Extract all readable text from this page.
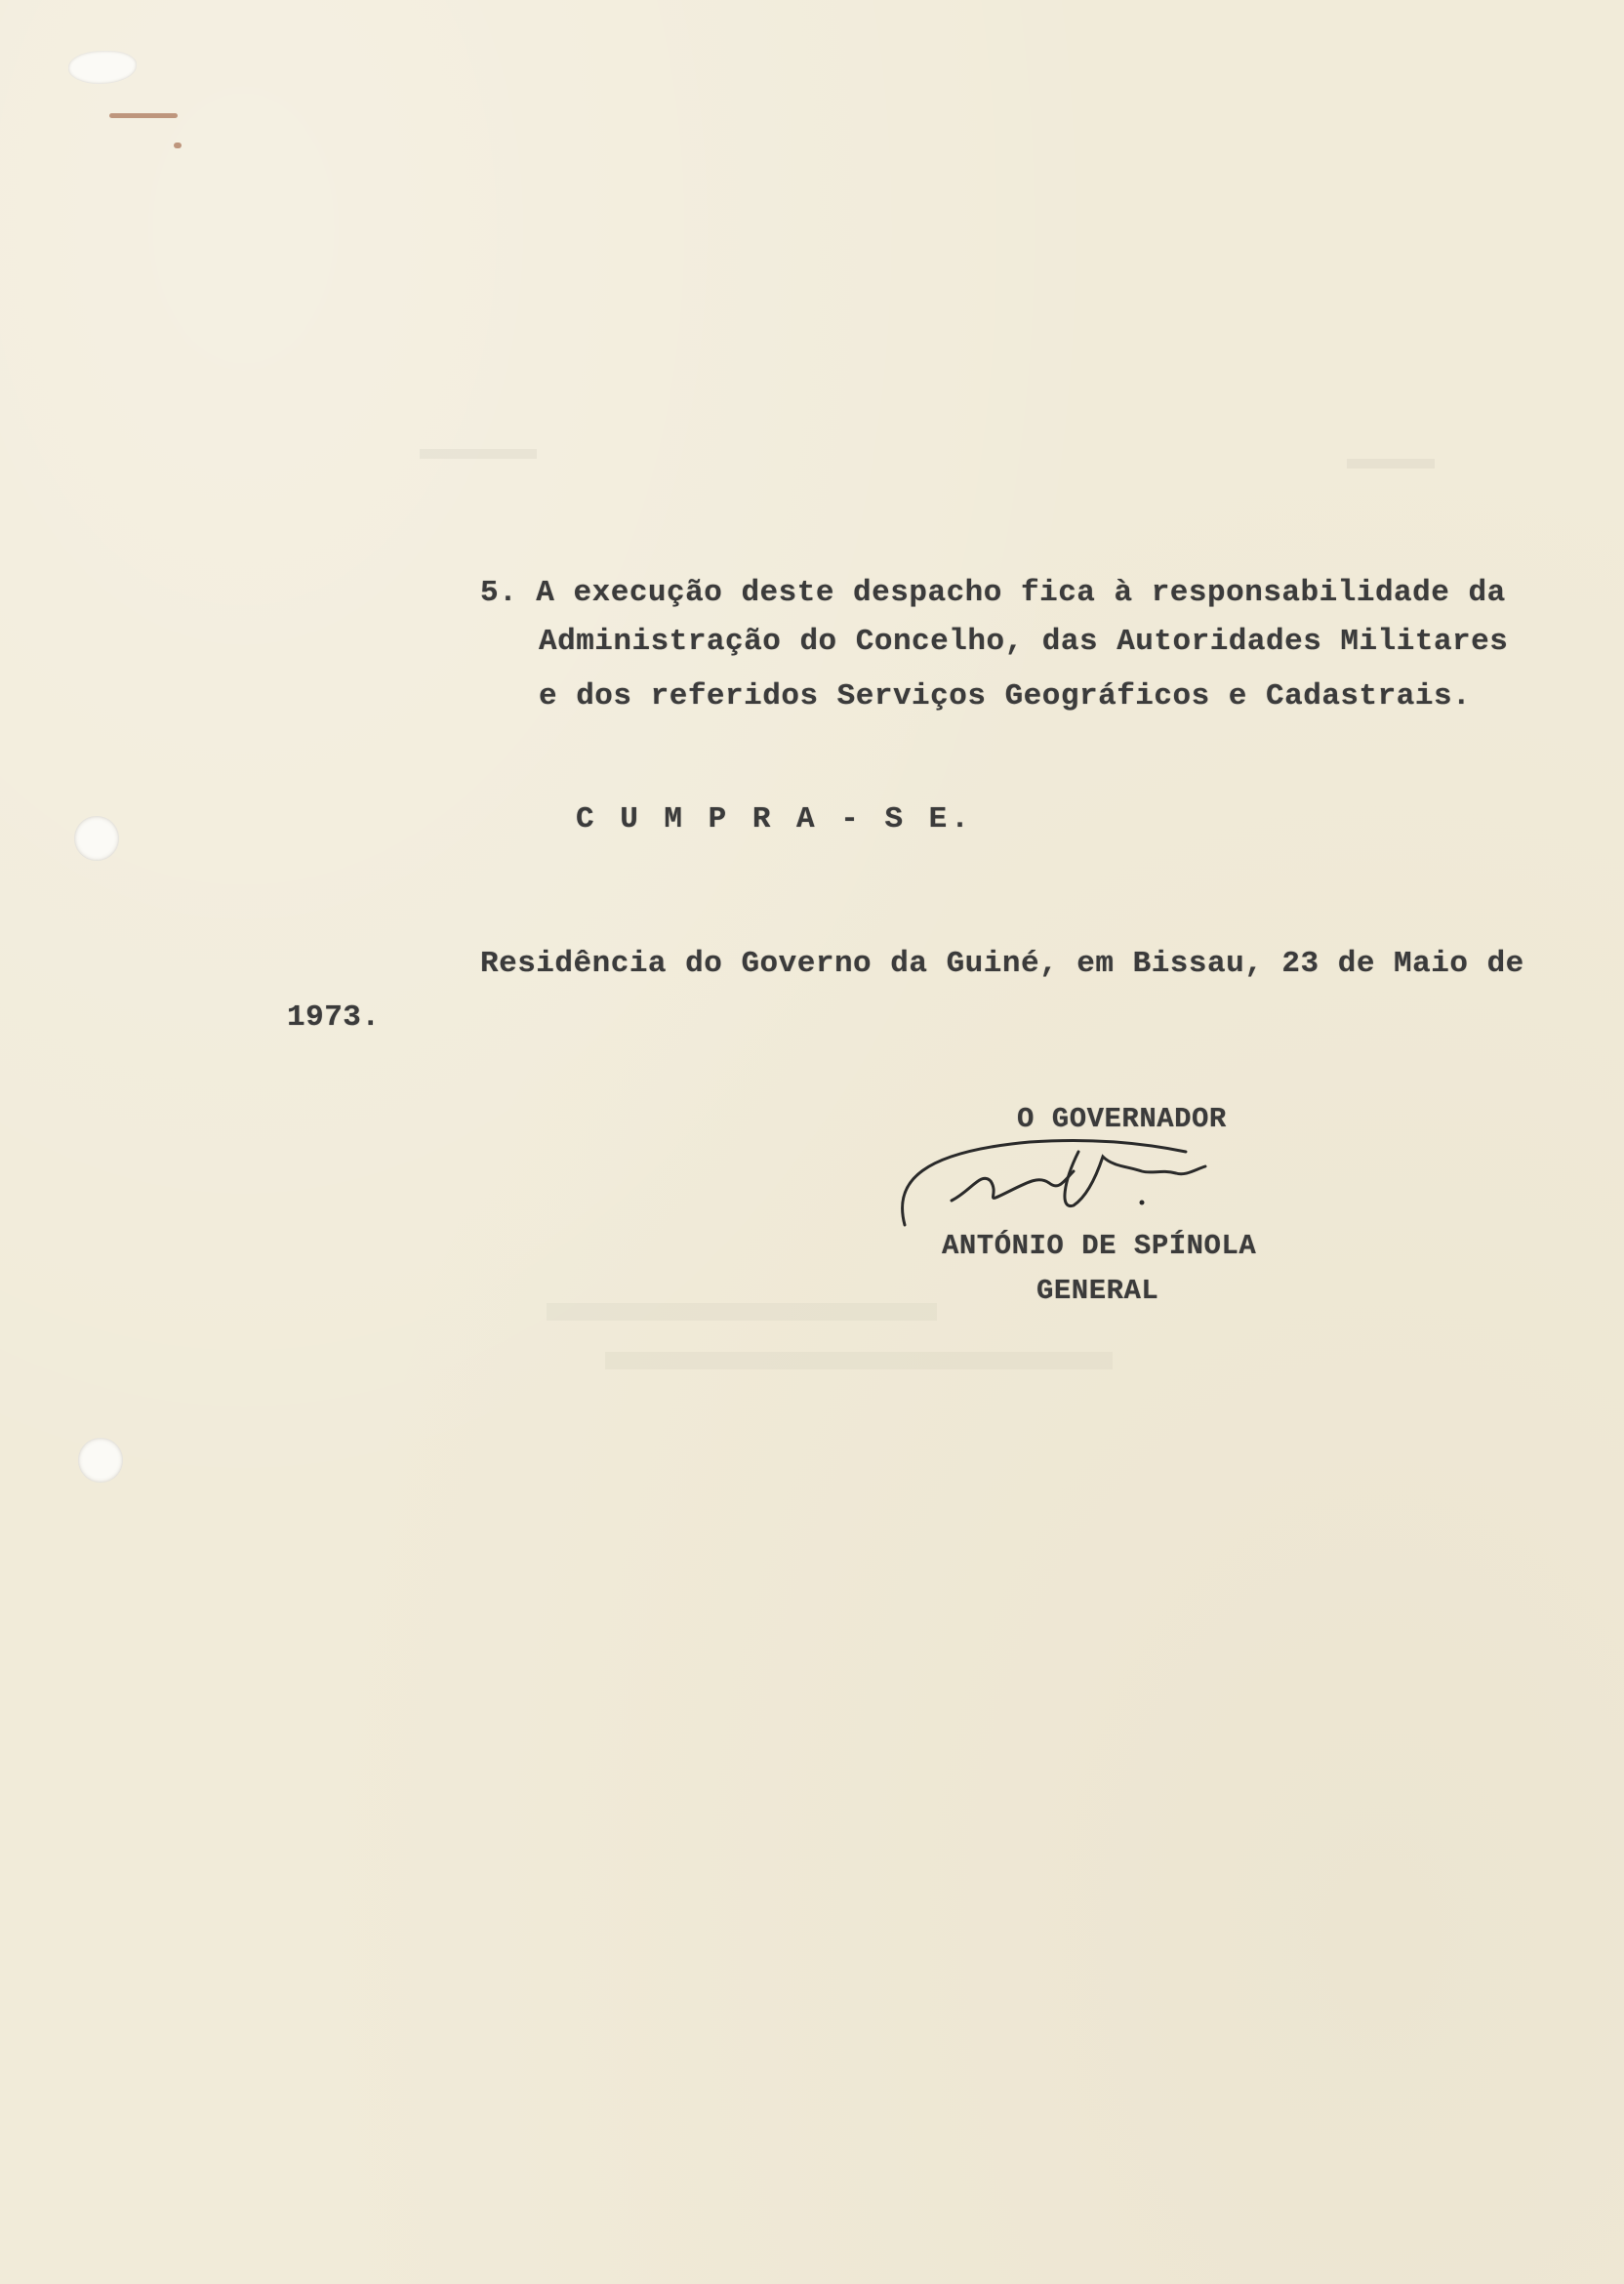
5. A execução deste despacho fica à responsabilidade da
Administração do Concelho, das Autoridades Militares
e dos referidos Serviços Geográficos e Cadastrais.
C U M P R A - S E.
Residência do Governo da Guiné, em Bissau, 23 de Maio de
1973.
O GOVERNADOR
ANTÓNIO DE SPÍNOLA
GENERAL
